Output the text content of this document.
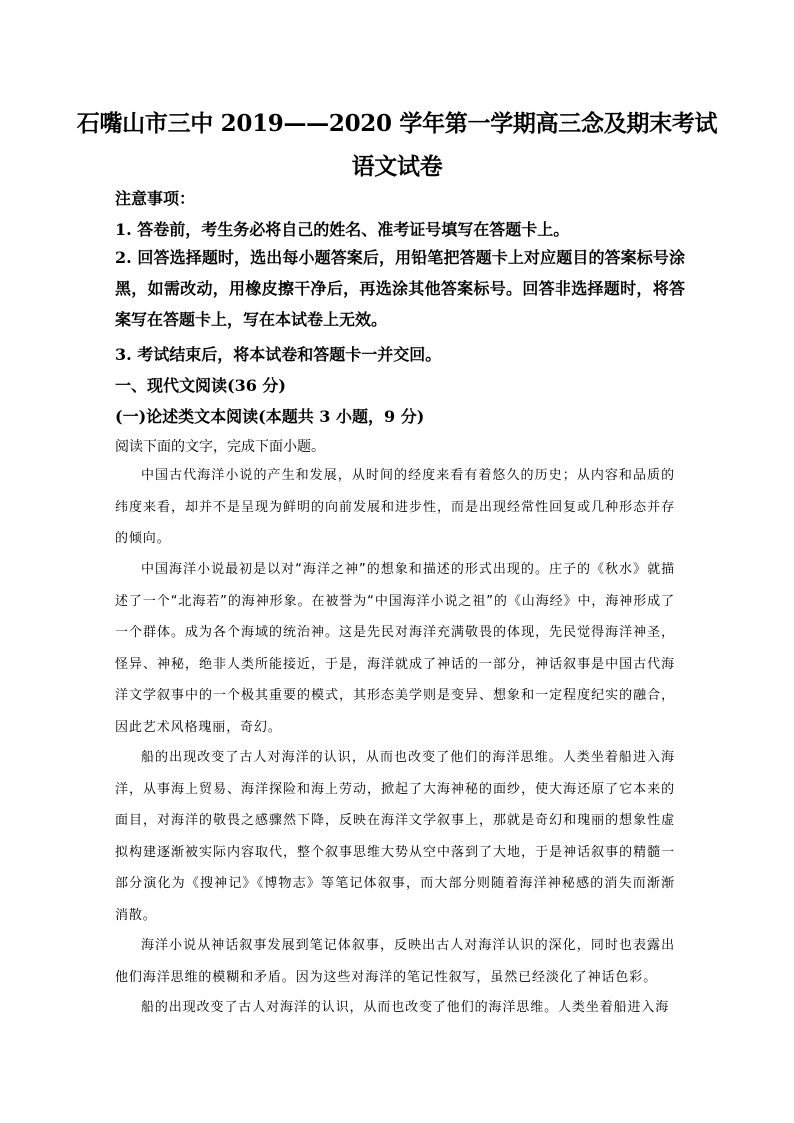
石嘴山市三中 2019——2020 学年第一学期高三念及期末考试
语文试卷
注意事项：
1. 答卷前，考生务必将自己的姓名、准考证号填写在答题卡上。
2. 回答选择题时，选出每小题答案后，用铅笔把答题卡上对应题目的答案标号涂黑，如需改动，用橡皮擦干净后，再选涂其他答案标号。回答非选择题时，将答案写在答题卡上，写在本试卷上无效。
3. 考试结束后，将本试卷和答题卡一并交回。
一、现代文阅读(36 分)
(一)论述类文本阅读(本题共 3 小题，9 分)
阅读下面的文字，完成下面小题。

中国古代海洋小说的产生和发展，从时间的经度来看有着悠久的历史；从内容和品质的纬度来看，却并不是呈现为鲜明的向前发展和进步性，而是出现经常性回复或几种形态并存的倾向。

中国海洋小说最初是以对“海洋之神”的想象和描述的形式出现的。庄子的《秋水》就描述了一个“北海若”的海神形象。在被誉为“中国海洋小说之祖”的《山海经》中，海神形成了一个群体。成为各个海域的统治神。这是先民对海洋充满敬畏的体现，先民觉得海洋神圣，怪异、神秘，绝非人类所能接近，于是，海洋就成了神话的一部分，神话叙事是中国古代海洋文学叙事中的一个极其重要的模式，其形态美学则是变异、想象和一定程度纪实的融合，因此艺术风格瑰丽，奇幻。

船的出现改变了古人对海洋的认识，从而也改变了他们的海洋思维。人类坐着船进入海洋，从事海上贸易、海洋探险和海上劳动，掀起了大海神秘的面纱，使大海还原了它本来的面目，对海洋的敬畏之感骤然下降，反映在海洋文学叙事上，那就是奇幻和瑰丽的想象性虚拟构建逐渐被实际内容取代，整个叙事思维大势从空中落到了大地，于是神话叙事的精髓一部分演化为《搜神记》《博物志》等笔记体叙事，而大部分则随着海洋神秘感的消失而渐渐消散。

海洋小说从神话叙事发展到笔记体叙事，反映出古人对海洋认识的深化，同时也表露出他们海洋思维的模糊和矛盾。因为这些对海洋的笔记性叙写，虽然已经淡化了神话色彩。

船的出现改变了古人对海洋的认识，从而也改变了他们的海洋思维。人类坐着船进入海
